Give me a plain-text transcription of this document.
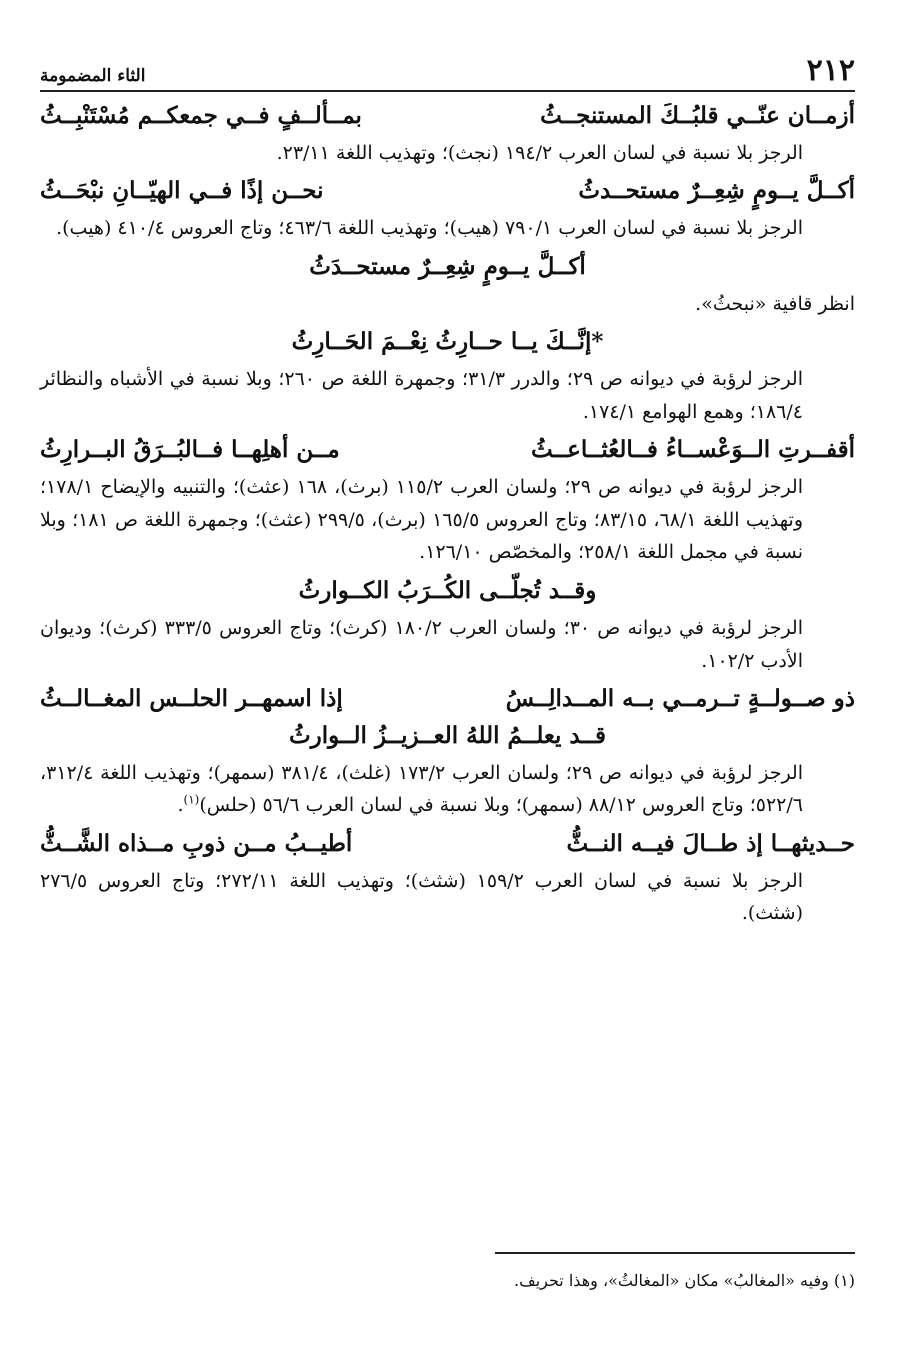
٢١٢
الثاء المضمومة
أزمــان عنّــي قلبُــكَ المستنجــثُ
بمــألــفٍ فــي جمعكــم مُسْتَنْبِــثُ

الرجز بلا نسبة في لسان العرب ١٩٤/٢ (نجث)؛ وتهذيب اللغة ٢٣/١١.

أكــلَّ يــومٍ شِعِــرٌ مستحــدثُ
نحــن إذًا فــي الهيّــانِ نبْحَــثُ

الرجز بلا نسبة في لسان العرب ٧٩٠/١ (هيب)؛ وتهذيب اللغة ٤٦٣/٦؛ وتاج العروس ٤١٠/٤ (هيب).

أكــلَّ يــومٍ شِعِــرٌ مستحــدَثُ

انظر قافية «نبحثُ».

*إنَّــكَ يــا حــارِثُ نِعْــمَ الحَــارِثُ

الرجز لرؤبة في ديوانه ص ٢٩؛ والدرر ٣١/٣؛ وجمهرة اللغة ص ٢٦٠؛ وبلا نسبة في الأشباه والنظائر ١٨٦/٤؛ وهمع الهوامع ١٧٤/١.

أقفــرتِ الــوَعْســاءُ فــالعُثــاعــثُ
مــن أهلِهــا فــالبُــرَقُ البــرارِثُ

الرجز لرؤبة في ديوانه ص ٢٩؛ ولسان العرب ١١٥/٢ (برث)، ١٦٨ (عثث)؛ والتنبيه والإيضاح ١٧٨/١؛ وتهذيب اللغة ٦٨/١، ٨٣/١٥؛ وتاج العروس ١٦٥/٥ (برث)، ٢٩٩/٥ (عثث)؛ وجمهرة اللغة ص ١٨١؛ وبلا نسبة في مجمل اللغة ٢٥٨/١؛ والمخصّص ١٢٦/١٠.

وقــد تُجلّــى الكُــرَبُ الكــوارثُ

الرجز لرؤبة في ديوانه ص ٣٠؛ ولسان العرب ١٨٠/٢ (كرث)؛ وتاج العروس ٣٣٣/٥ (كرث)؛ وديوان الأدب ١٠٢/٢.

ذو صــولــةٍ تــرمــي بــه المــدالِــسُ
إذا اسمهــر الحلــس المغــالــثُ
قــد يعلــمُ اللهُ العــزيــزُ الــوارثُ

الرجز لرؤبة في ديوانه ص ٢٩؛ ولسان العرب ١٧٣/٢ (غلث)، ٣٨١/٤ (سمهر)؛ وتهذيب اللغة ٣١٢/٤، ٥٢٢/٦؛ وتاج العروس ٨٨/١٢ (سمهر)؛ وبلا نسبة في لسان العرب ٥٦/٦ (حلس)$^{(١)}$.

حــديثهــا إذ طــالَ فيــه النــثُّ
أطيــبُ مــن ذوبِ مــذاه الشَّــثُّ

الرجز بلا نسبة في لسان العرب ١٥٩/٢ (شثث)؛ وتهذيب اللغة ٢٧٢/١١؛ وتاج العروس ٢٧٦/٥ (شثث).

(١) وفيه «المغالبُ» مكان «المغالثُ»، وهذا تحريف.
